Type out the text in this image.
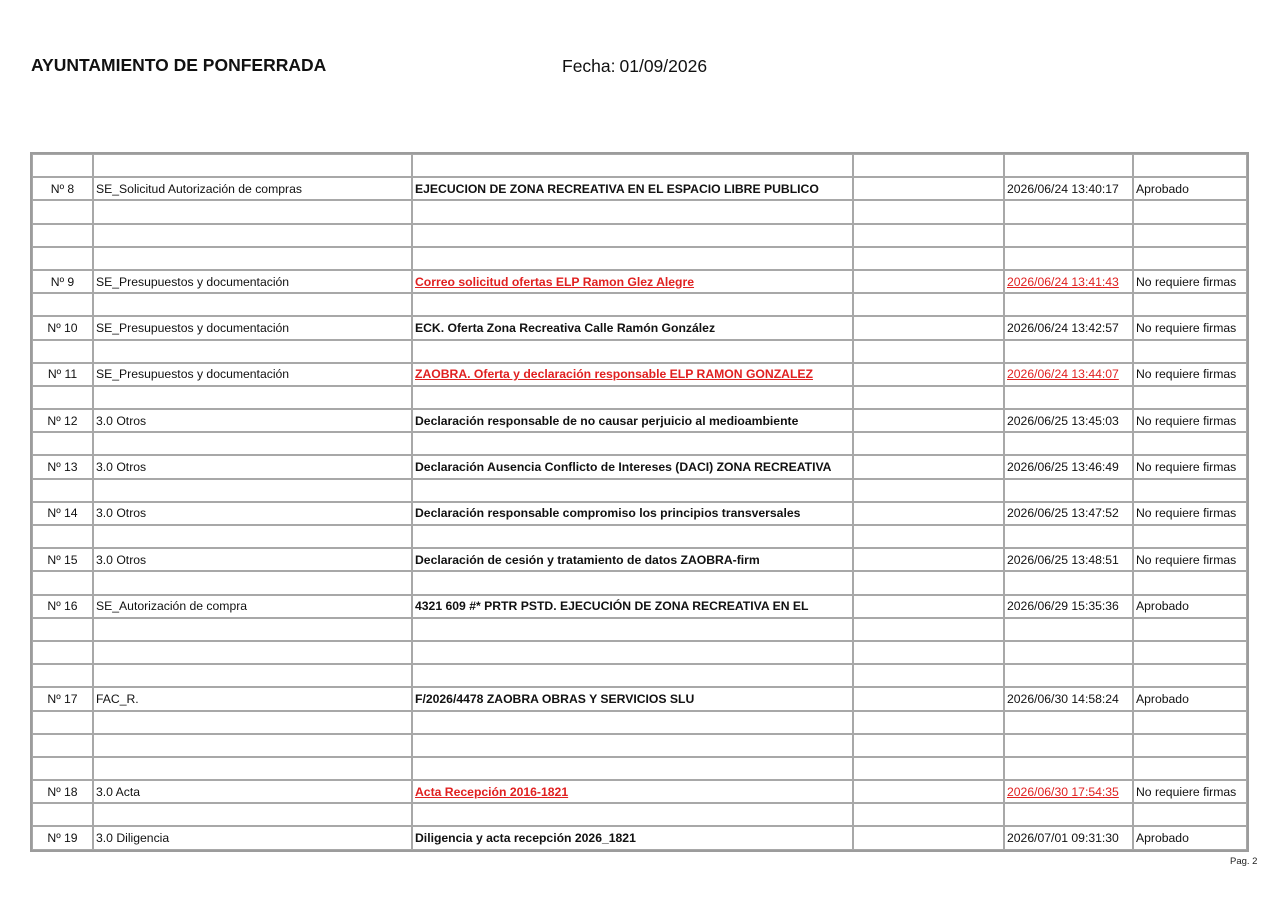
AYUNTAMIENTO DE PONFERRADA	Fecha: 01/09/2026

Nº 8	SE_Solicitud Autorización de compras	EJECUCION DE ZONA RECREATIVA EN EL ESPACIO LIBRE PUBLICO		2026/06/24 13:40:17	Aprobado

Nº 9	SE_Presupuestos y documentación	Correo solicitud ofertas ELP Ramon Glez Alegre		2026/06/24 13:41:43	No requiere firmas

Nº 10	SE_Presupuestos y documentación	ECK. Oferta Zona Recreativa Calle Ramón González		2026/06/24 13:42:57	No requiere firmas

Nº 11	SE_Presupuestos y documentación	ZAOBRA. Oferta y declaración responsable ELP RAMON GONZALEZ		2026/06/24 13:44:07	No requiere firmas

Nº 12	3.0 Otros	Declaración responsable de no causar perjuicio al medioambiente		2026/06/25 13:45:03	No requiere firmas

Nº 13	3.0 Otros	Declaración Ausencia Conflicto de Intereses (DACI) ZONA RECREATIVA		2026/06/25 13:46:49	No requiere firmas

Nº 14	3.0 Otros	Declaración responsable compromiso los principios transversales		2026/06/25 13:47:52	No requiere firmas

Nº 15	3.0 Otros	Declaración de cesión y tratamiento de datos ZAOBRA-firm		2026/06/25 13:48:51	No requiere firmas

Nº 16	SE_Autorización de compra	4321 609 #* PRTR PSTD. EJECUCIÓN DE ZONA RECREATIVA EN EL		2026/06/29 15:35:36	Aprobado

Nº 17	FAC_R.	F/2026/4478 ZAOBRA OBRAS Y SERVICIOS SLU		2026/06/30 14:58:24	Aprobado

Nº 18	3.0 Acta	Acta Recepción 2016-1821		2026/06/30 17:54:35	No requiere firmas

Nº 19	3.0 Diligencia	Diligencia y acta recepción 2026_1821		2026/07/01 09:31:30	Aprobado
Pag. 2
